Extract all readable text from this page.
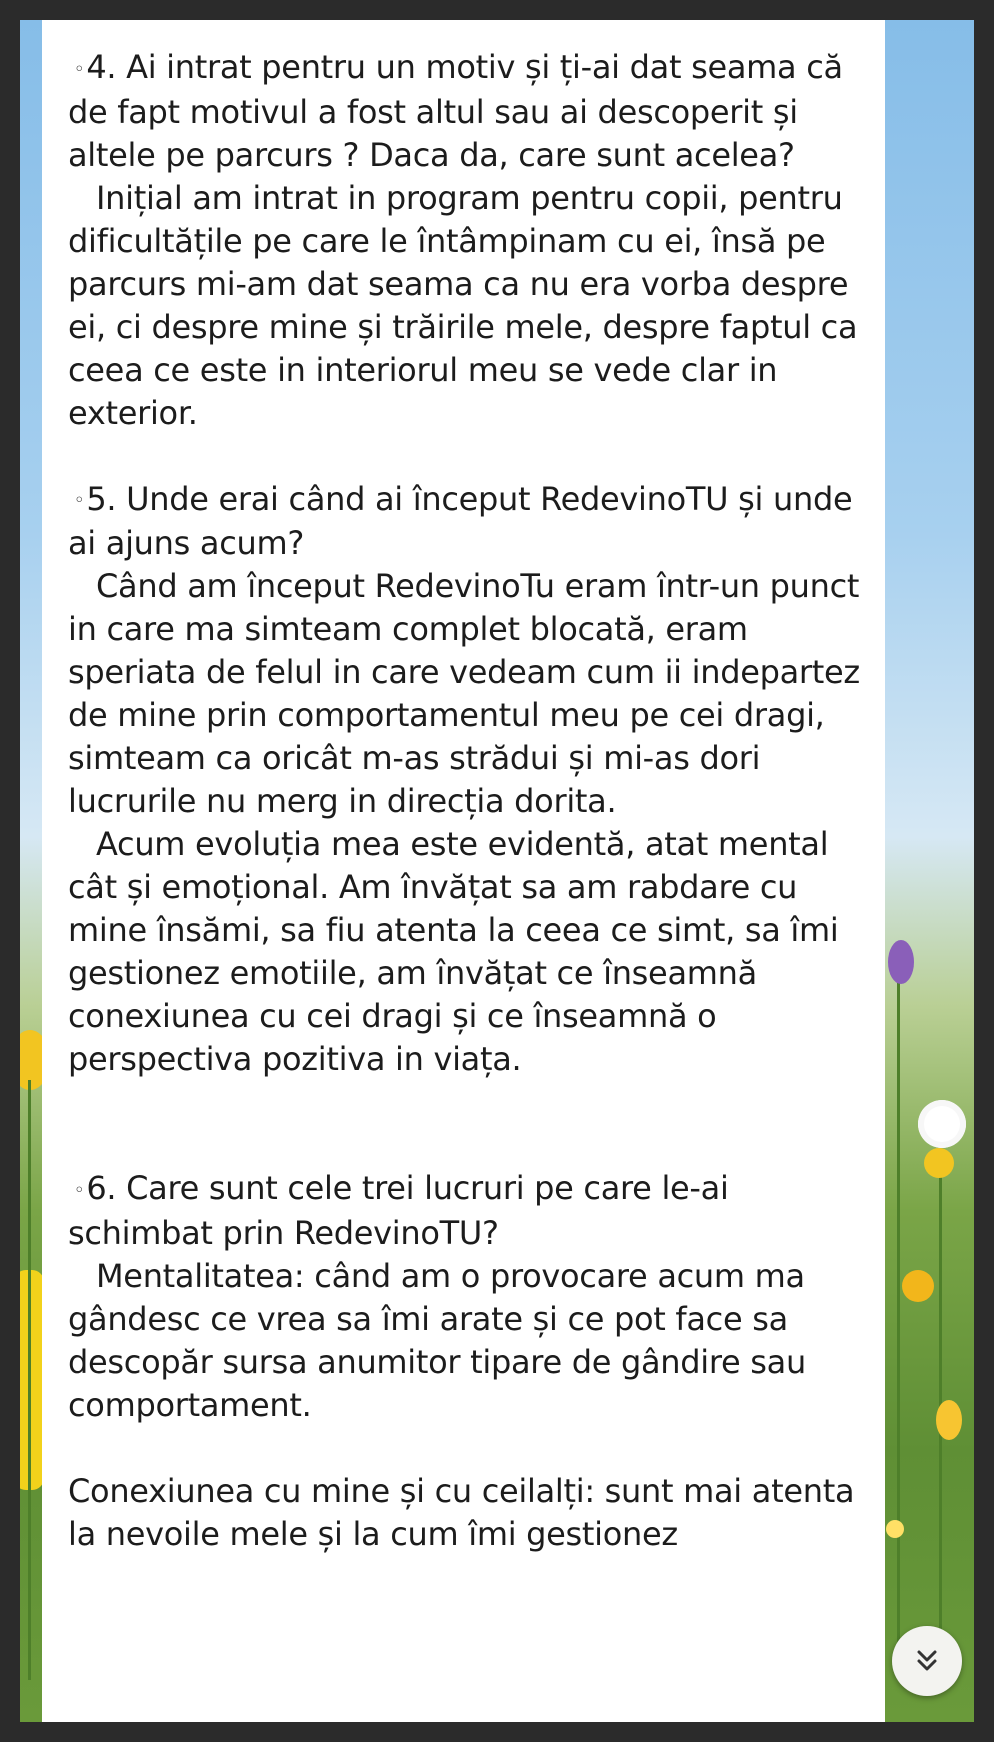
◦4. Ai intrat pentru un motiv și ți-ai dat seama că de fapt motivul a fost altul sau ai descoperit și altele pe parcurs ? Daca da, care sunt acelea?

Inițial am intrat in program pentru copii, pentru dificultățile pe care le întâmpinam cu ei, însă pe parcurs mi-am dat seama ca nu era vorba despre ei, ci despre mine și trăirile mele, despre faptul ca ceea ce este in interiorul meu se vede clar in exterior.

◦5. Unde erai când ai început RedevinoTU și unde ai ajuns acum?

Când am început RedevinoTu eram într-un punct in care ma simteam complet blocată, eram speriata de felul in care vedeam cum ii indepartez de mine prin comportamentul meu pe cei dragi, simteam ca oricât m-as strădui și mi-as dori lucrurile nu merg in direcția dorita.

Acum evoluția mea este evidentă, atat mental cât și emoțional. Am învățat sa am rabdare cu mine însămi, sa fiu atenta la ceea ce simt, sa îmi gestionez emotiile, am învățat ce înseamnă conexiunea cu cei dragi și ce înseamnă o perspectiva pozitiva in viața.

◦6. Care sunt cele trei lucruri pe care le-ai schimbat prin RedevinoTU?

Mentalitatea: când am o provocare acum ma gândesc ce vrea sa îmi arate și ce pot face sa descopăr sursa anumitor tipare de gândire sau comportament.

Conexiunea cu mine și cu ceilalți: sunt mai atenta la nevoile mele și la cum îmi gestionez
